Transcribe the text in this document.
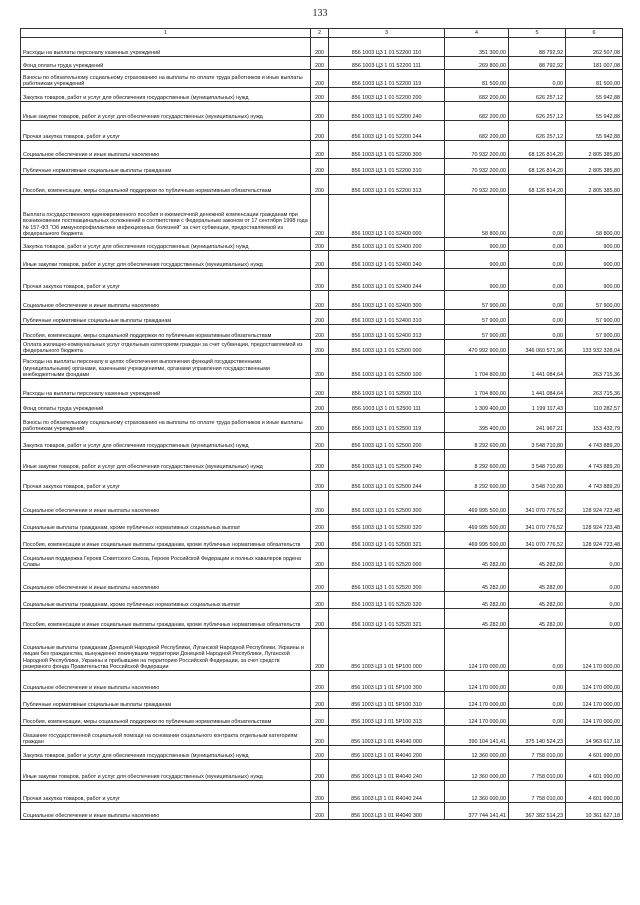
133
1	2	3	4	5	6
Расходы на выплаты персоналу казенных учреждений	200	856 1003 Ц3 1 01 52200 110	351 300,00	88 792,92	262 507,08
Фонд оплаты труда учреждений	200	856 1003 Ц3 1 01 52200 111	269 800,00	88 792,92	181 007,08
Взносы по обязательному социальному страхованию на выплаты по оплате труда работников и иные выплаты работникам учреждений	200	856 1003 Ц3 1 01 52200 119	81 500,00	0,00	81 500,00
Закупка товаров, работ и услуг для обеспечения государственных (муниципальных) нужд	200	856 1003 Ц3 1 01 52200 200	682 200,00	626 257,12	55 942,88
Иные закупки товаров, работ и услуг для обеспечения государственных (муниципальных) нужд	200	856 1003 Ц3 1 01 52200 240	682 200,00	626 257,12	55 942,88
Прочая закупка товаров, работ и услуг	200	856 1003 Ц3 1 01 52200 244	682 200,00	626 257,12	55 942,88
Социальное обеспечение и иные выплаты населению	200	856 1003 Ц3 1 01 52200 300	70 932 200,00	68 126 814,20	2 805 385,80
Публичные нормативные социальные выплаты гражданам	200	856 1003 Ц3 1 01 52200 310	70 932 200,00	68 126 814,20	2 805 385,80
Пособия, компенсации, меры социальной поддержки по публичным нормативным обязательствам	200	856 1003 Ц3 1 01 52200 313	70 932 200,00	68 126 814,20	2 805 385,80
Выплата государственного единовременного пособия и ежемесячной денежной компенсации гражданам при возникновении поствакцинальных осложнений в соответствии с Федеральным законом от 17 сентября 1998 года № 157-ФЗ "Об иммунопрофилактике инфекционных болезней" за счет субвенции, предоставляемой из федерального бюджета	200	856 1003 Ц3 1 01 52400 000	58 800,00	0,00	58 800,00
Закупка товаров, работ и услуг для обеспечения государственных (муниципальных) нужд	200	856 1003 Ц3 1 01 52400 200	900,00	0,00	900,00
Иные закупки товаров, работ и услуг для обеспечения государственных (муниципальных) нужд	200	856 1003 Ц3 1 01 52400 240	900,00	0,00	900,00
Прочая закупка товаров, работ и услуг	200	856 1003 Ц3 1 01 52400 244	900,00	0,00	900,00
Социальное обеспечение и иные выплаты населению	200	856 1003 Ц3 1 01 52400 300	57 900,00	0,00	57 900,00
Публичные нормативные социальные выплаты гражданам	200	856 1003 Ц3 1 01 52400 310	57 900,00	0,00	57 900,00
Пособия, компенсации, меры социальной поддержки по публичным нормативным обязательствам	200	856 1003 Ц3 1 01 52400 313	57 900,00	0,00	57 900,00
Оплата жилищно-коммунальных услуг отдельным категориям граждан за счет субвенции, предоставляемой из федерального бюджета	200	856 1003 Ц3 1 01 52500 000	470 992 900,00	346 060 571,96	133 932 328,04
Расходы на выплаты персоналу в целях обеспечения выполнения функций государственными (муниципальными) органами, казенными учреждениями, органами управления государственными внебюджетными фондами	200	856 1003 Ц3 1 01 52500 100	1 704 800,00	1 441 084,64	263 715,36
Расходы на выплаты персоналу казенных учреждений	200	856 1003 Ц3 1 01 52500 110	1 704 800,00	1 441 084,64	263 715,36
Фонд оплаты труда учреждений	200	856 1003 Ц3 1 01 52500 111	1 309 400,00	1 199 117,43	110 282,57
Взносы по обязательному социальному страхованию на выплаты по оплате труда работников и иные выплаты работникам учреждений	200	856 1003 Ц3 1 01 52500 119	395 400,00	241 967,21	153 432,79
Закупка товаров, работ и услуг для обеспечения государственных (муниципальных) нужд	200	856 1003 Ц3 1 01 52500 200	8 292 600,00	3 548 710,80	4 743 889,20
Иные закупки товаров, работ и услуг для обеспечения государственных (муниципальных) нужд	200	856 1003 Ц3 1 01 52500 240	8 292 600,00	3 548 710,80	4 743 889,20
Прочая закупка товаров, работ и услуг	200	856 1003 Ц3 1 01 52500 244	8 292 600,00	3 548 710,80	4 743 889,20
Социальное обеспечение и иные выплаты населению	200	856 1003 Ц3 1 01 52500 300	469 995 500,00	341 070 776,52	128 924 723,48
Социальные выплаты гражданам, кроме публичных нормативных социальных выплат	200	856 1003 Ц3 1 01 52500 320	469 995 500,00	341 070 776,52	128 924 723,48
Пособия, компенсации и иные социальные выплаты гражданам, кроме публичных нормативных обязательств	200	856 1003 Ц3 1 01 52500 321	469 995 500,00	341 070 776,52	128 924 723,48
Социальная поддержка Героев Советского Союза, Героев Российской Федерации и полных кавалеров ордена Славы	200	856 1003 Ц3 1 01 52520 000	45 282,00	45 282,00	0,00
Социальное обеспечение и иные выплаты населению	200	856 1003 Ц3 1 01 52520 300	45 282,00	45 282,00	0,00
Социальные выплаты гражданам, кроме публичных нормативных социальных выплат	200	856 1003 Ц3 1 01 52520 320	45 282,00	45 282,00	0,00
Пособия, компенсации и иные социальные выплаты гражданам, кроме публичных нормативных обязательств	200	856 1003 Ц3 1 01 52520 321	45 282,00	45 282,00	0,00
Социальные выплаты гражданам Донецкой Народной Республики, Луганской Народной Республики, Украины и лицам без гражданства, вынужденно покинувшим территории Донецкой Народной Республики, Луганской Народной Республики, Украины и прибывшим на территорию Российской Федерации, за счет средств резервного фонда Правительства Российской Федерации	200	856 1003 Ц3 1 01 5Р100 000	124 170 000,00	0,00	124 170 000,00
Социальное обеспечение и иные выплаты населению	200	856 1003 Ц3 1 01 5Р100 300	124 170 000,00	0,00	124 170 000,00
Публичные нормативные социальные выплаты гражданам	200	856 1003 Ц3 1 01 5Р100 310	124 170 000,00	0,00	124 170 000,00
Пособия, компенсации, меры социальной поддержки по публичным нормативным обязательствам	200	856 1003 Ц3 1 01 5Р100 313	124 170 000,00	0,00	124 170 000,00
Оказание государственной социальной помощи на основании социального контракта отдельным категориям граждан	200	856 1003 Ц3 1 01 R4040 000	390 104 141,41	375 140 524,23	14 963 617,18
Закупка товаров, работ и услуг для обеспечения государственных (муниципальных) нужд	200	856 1003 Ц3 1 01 R4040 200	12 360 000,00	7 758 010,00	4 601 990,00
Иные закупки товаров, работ и услуг для обеспечения государственных (муниципальных) нужд	200	856 1003 Ц3 1 01 R4040 240	12 360 000,00	7 758 010,00	4 601 990,00
Прочая закупка товаров, работ и услуг	200	856 1003 Ц3 1 01 R4040 244	12 360 000,00	7 758 010,00	4 601 990,00
Социальное обеспечение и иные выплаты населению	200	856 1003 Ц3 1 01 R4040 300	377 744 141,41	367 382 514,23	10 361 627,18
